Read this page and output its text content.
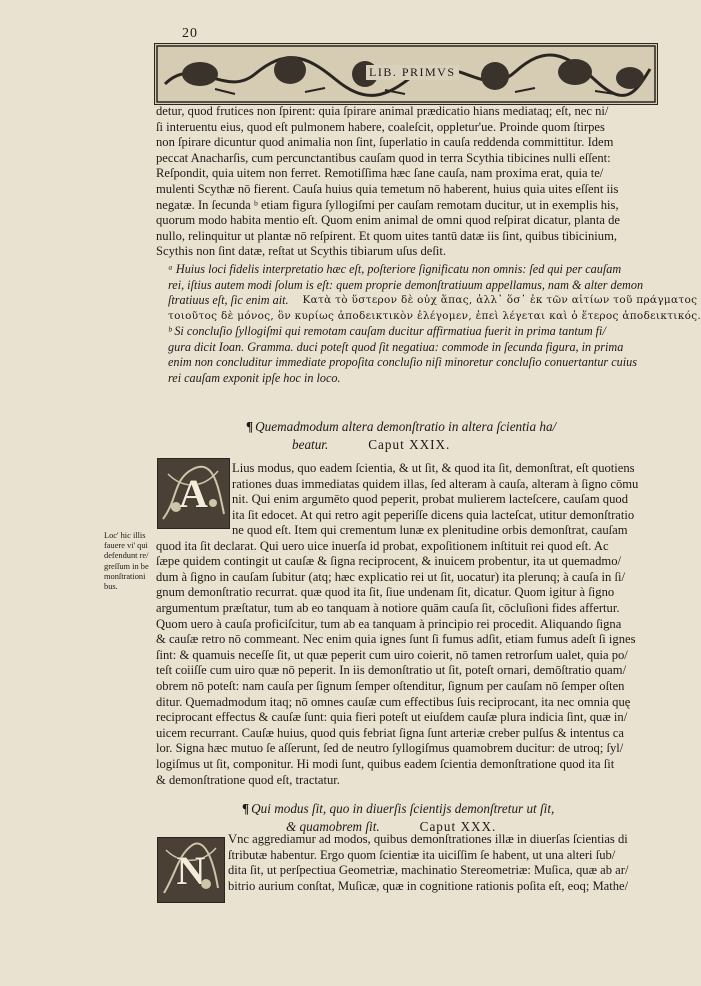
20
LIB. PRIMVS
detur, quod frutices non ſpirent: quia ſpirare animal prædicatio hians mediataq; eſt, nec ni/
ſi interuentu eius, quod eſt pulmonem habere, coaleſcit, oppletur'ue. Proinde quom ſtirpes
non ſpirare dicuntur quod animalia non ſint, ſuperlatio in cauſa reddenda committitur. Idem
peccat Anacharſis, cum percunctantibus cauſam quod in terra Scythia tibicines nulli eſſent:
Reſpondit, quia uitem non ferret. Remotiſſima hæc ſane cauſa, nam proxima erat, quia te/
mulenti Scythæ nō fierent. Cauſa huius quia temetum nō haberent, huius quia uites eſſent iis
negatæ. In ſecunda ᵇ etiam figura ſyllogiſmi per cauſam remotam ducitur, ut in exemplis his,
quorum modo habita mentio eſt. Quom enim animal de omni quod reſpirat dicatur, planta de
nullo, relinquitur ut plantæ nō reſpirent. Et quom uites tantū datæ iis ſint, quibus tibicinium,
Scythis non ſint datæ, reſtat ut Scythis tibiarum uſus deſit.
ᵃ Huius loci fidelis interpretatio hæc eſt, poſteriore ſignificatu non omnis: ſed qui per cauſam
rei, iſtius autem modi ſolum is eſt: quem proprie demonſtratiuum appellamus, nam & alter demon
ſtratiuus eſt, ſic enim ait. Κατὰ τὸ ὕστερον δὲ οὐχ ἅπας, ἀλλ᾽ ὅσ᾽ ἐκ τῶν αἰτίων τοῦ πράγματος
τοιοῦτος δὲ μόνος, ὃν κυρίως ἀποδεικτικὸν ἐλέγομεν, ἐπεὶ λέγεται καὶ ὁ ἕτερος ἀποδεικτικός.
ᵇ Si concluſio ſyllogiſmi qui remotam cauſam ducitur affirmatiua fuerit in prima tantum fi/
gura dicit Ioan. Gramma. duci poteſt quod ſit negatiua: commode in ſecunda figura, in prima
enim non concluditur immediate propoſita concluſio niſi minoretur concluſio conuertantur cuius
rei cauſam exponit ipſe hoc in loco.
¶ Quemadmodum altera demonſtratio in altera ſcientia ha/
beatur.	Caput XXIX.
A
Lius modus, quo eadem ſcientia, & ut ſit, & quod ita ſit, demonſtrat, eſt quotiens
rationes duas immediatas quidem illas, ſed alteram à cauſa, alteram à ſigno cōmu
nit. Qui enim argumēto quod peperit, probat mulierem lacteſcere, cauſam quod
ita ſit edocet. At qui retro agit peperiſſe dicens quia lacteſcat, utitur demonſtratio
ne quod eſt. Item qui crementum lunæ ex plenitudine orbis demonſtrat, cauſam
quod ita ſit declarat. Qui uero uice inuerſa id probat, expoſitionem inſtituit rei quod eſt. Ac
ſæpe quidem contingit ut cauſæ & ſigna reciprocent, & inuicem probentur, ita ut quemadmo/
dum à ſigno in cauſam ſubitur (atq; hæc explicatio rei ut ſit, uocatur) ita plerunq; à cauſa in ſi/
gnum demonſtratio recurrat. quæ quod ita ſit, ſiue undenam ſit, dicatur. Quom igitur à ſigno
argumentum præſtatur, tum ab eo tanquam à notiore quām cauſa ſit, cōcluſioni fides affertur.
Quom uero à cauſa proficiſcitur, tum ab ea tanquam à principio rei procedit. Aliquando ſigna
& cauſæ retro nō commeant. Nec enim quia ignes ſunt ſi fumus adſit, etiam fumus adeſt ſi ignes
ſint: & quamuis neceſſe ſit, ut quæ peperit cum uiro coierit, nō tamen retrorſum ualet, quia po/
teſt coiiſſe cum uiro quæ nō peperit. In iis demonſtratio ut ſit, poteſt ornari, demōſtratio quam/
obrem nō poteſt: nam cauſa per ſignum ſemper oſtenditur, ſignum per cauſam nō ſemper oſten
ditur. Quemadmodum itaq; nō omnes cauſæ cum effectibus ſuis reciprocant, ita nec omnia quę
reciprocant effectus & cauſæ ſunt: quia fieri poteſt ut eiuſdem cauſæ plura indicia ſint, quæ in/
uicem recurrant. Cauſæ huius, quod quis febriat ſigna ſunt arteriæ creber pulſus & intentus ca
lor. Signa hæc mutuo ſe aſſerunt, ſed de neutro ſyllogiſmus quamobrem ducitur: de utroq; ſyl/
logiſmus ut ſit, componitur. Hi modi ſunt, quibus eadem ſcientia demonſtratione quod ita ſit
& demonſtratione quod eſt, tractatur.
Loc' hic illis
fauere vi' qui
defendunt re/
greſſum in be
monſtrationi
bus.
¶ Qui modus ſit, quo in diuerſis ſcientijs demonſtretur ut ſit,
& quamobrem ſit.	Caput XXX.
N
Vnc aggrediamur ad modos, quibus demonſtrationes illæ in diuerſas ſcientias di
ſtributæ habentur. Ergo quom ſcientiæ ita uiciſſim ſe habent, ut una alteri ſub/
dita ſit, ut perſpectiua Geometriæ, machinatio Stereometriæ: Muſica, quæ ab ar/
bitrio aurium conſtat, Muſicæ, quæ in cognitione rationis poſita eſt, eoq; Mathe/
